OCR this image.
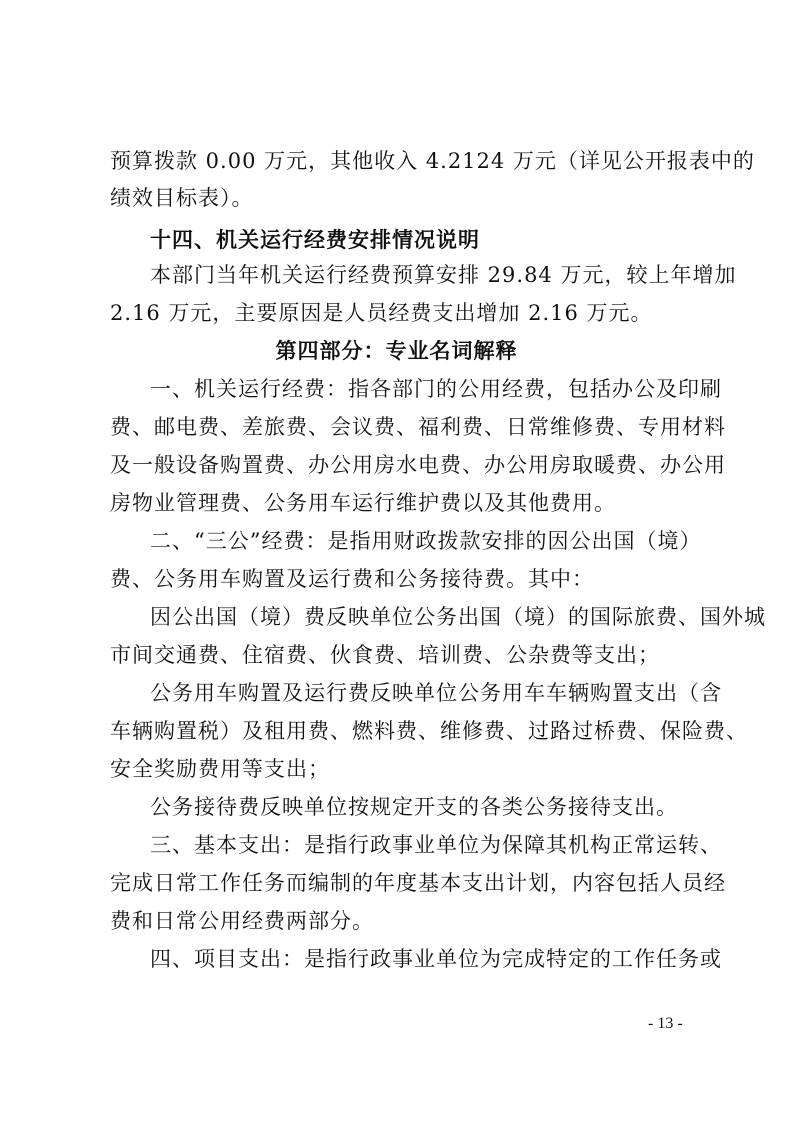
预算拨款 0.00 万元，其他收入 4.2124 万元（详见公开报表中的
绩效目标表）。
十四、机关运行经费安排情况说明
本部门当年机关运行经费预算安排 29.84 万元，较上年增加
2.16 万元，主要原因是人员经费支出增加 2.16 万元。
第四部分：专业名词解释
一、机关运行经费：指各部门的公用经费，包括办公及印刷
费、邮电费、差旅费、会议费、福利费、日常维修费、专用材料
及一般设备购置费、办公用房水电费、办公用房取暖费、办公用
房物业管理费、公务用车运行维护费以及其他费用。
二、“三公”经费：是指用财政拨款安排的因公出国（境）
费、公务用车购置及运行费和公务接待费。其中：
因公出国（境）费反映单位公务出国（境）的国际旅费、国外城
市间交通费、住宿费、伙食费、培训费、公杂费等支出；
公务用车购置及运行费反映单位公务用车车辆购置支出（含
车辆购置税）及租用费、燃料费、维修费、过路过桥费、保险费、
安全奖励费用等支出；
公务接待费反映单位按规定开支的各类公务接待支出。
三、基本支出：是指行政事业单位为保障其机构正常运转、
完成日常工作任务而编制的年度基本支出计划，内容包括人员经
费和日常公用经费两部分。
四、项目支出：是指行政事业单位为完成特定的工作任务或
- 13 -
